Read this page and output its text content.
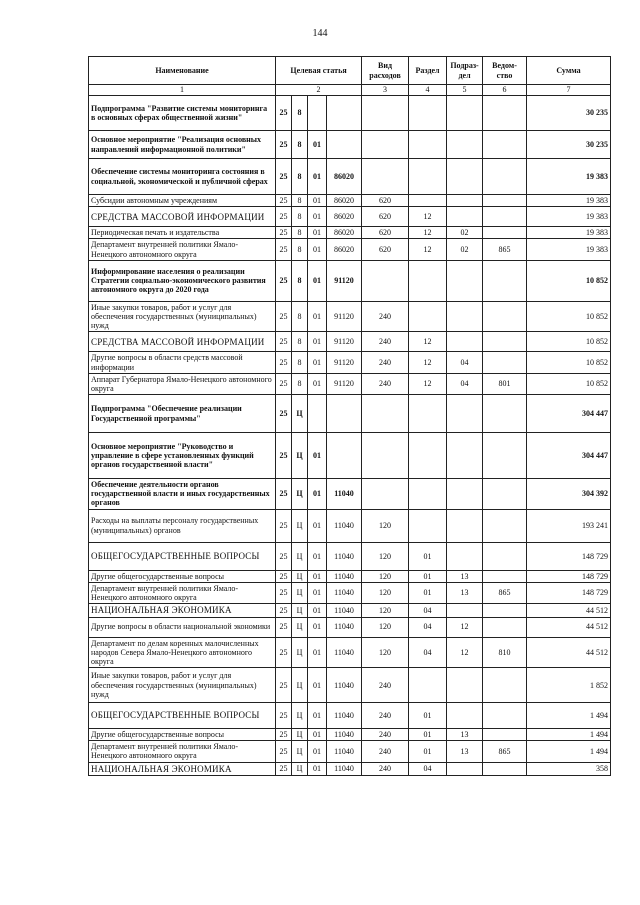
144
Наименование	Целевая статья				Вид расходов	Раздел	Подраз-дел	Ведом-ство	Сумма
1	2				3	4	5	6	7
Подпрограмма "Развитие системы мониторинга в основных сферах общественной жизни"	25	8							30 235
Основное мероприятие "Реализация основных направлений информационной политики"	25	8	01						30 235
Обеспечение системы мониторинга состояния в социальной, экономической и публичной сферах	25	8	01	86020					19 383
Субсидии автономным учреждениям	25	8	01	86020	620				19 383
СРЕДСТВА МАССОВОЙ ИНФОРМАЦИИ	25	8	01	86020	620	12			19 383
Периодическая печать и издательства	25	8	01	86020	620	12	02		19 383
Департамент внутренней политики Ямало-Ненецкого автономного округа	25	8	01	86020	620	12	02	865	19 383
Информирование населения о реализации Стратегии социально-экономического развития автономного округа до 2020 года	25	8	01	91120					10 852
Иные закупки товаров, работ и услуг для обеспечения государственных (муниципальных) нужд	25	8	01	91120	240				10 852
СРЕДСТВА МАССОВОЙ ИНФОРМАЦИИ	25	8	01	91120	240	12			10 852
Другие вопросы в области средств массовой информации	25	8	01	91120	240	12	04		10 852
Аппарат Губернатора Ямало-Ненецкого автономного округа	25	8	01	91120	240	12	04	801	10 852
Подпрограмма "Обеспечение реализации Государственной программы"	25	Ц							304 447
Основное мероприятие "Руководство и управление в сфере установленных функций органов государственной власти"	25	Ц	01						304 447
Обеспечение деятельности органов государственной власти и иных государственных органов	25	Ц	01	11040					304 392
Расходы на выплаты персоналу государственных (муниципальных) органов	25	Ц	01	11040	120				193 241
ОБЩЕГОСУДАРСТВЕННЫЕ ВОПРОСЫ	25	Ц	01	11040	120	01			148 729
Другие общегосударственные вопросы	25	Ц	01	11040	120	01	13		148 729
Департамент внутренней политики Ямало-Ненецкого автономного округа	25	Ц	01	11040	120	01	13	865	148 729
НАЦИОНАЛЬНАЯ ЭКОНОМИКА	25	Ц	01	11040	120	04			44 512
Другие вопросы в области национальной экономики	25	Ц	01	11040	120	04	12		44 512
Департамент по делам коренных малочисленных народов Севера Ямало-Ненецкого автономного округа	25	Ц	01	11040	120	04	12	810	44 512
Иные закупки товаров, работ и услуг для обеспечения государственных (муниципальных) нужд	25	Ц	01	11040	240				1 852
ОБЩЕГОСУДАРСТВЕННЫЕ ВОПРОСЫ	25	Ц	01	11040	240	01			1 494
Другие общегосударственные вопросы	25	Ц	01	11040	240	01	13		1 494
Департамент внутренней политики Ямало-Ненецкого автономного округа	25	Ц	01	11040	240	01	13	865	1 494
НАЦИОНАЛЬНАЯ ЭКОНОМИКА	25	Ц	01	11040	240	04			358
